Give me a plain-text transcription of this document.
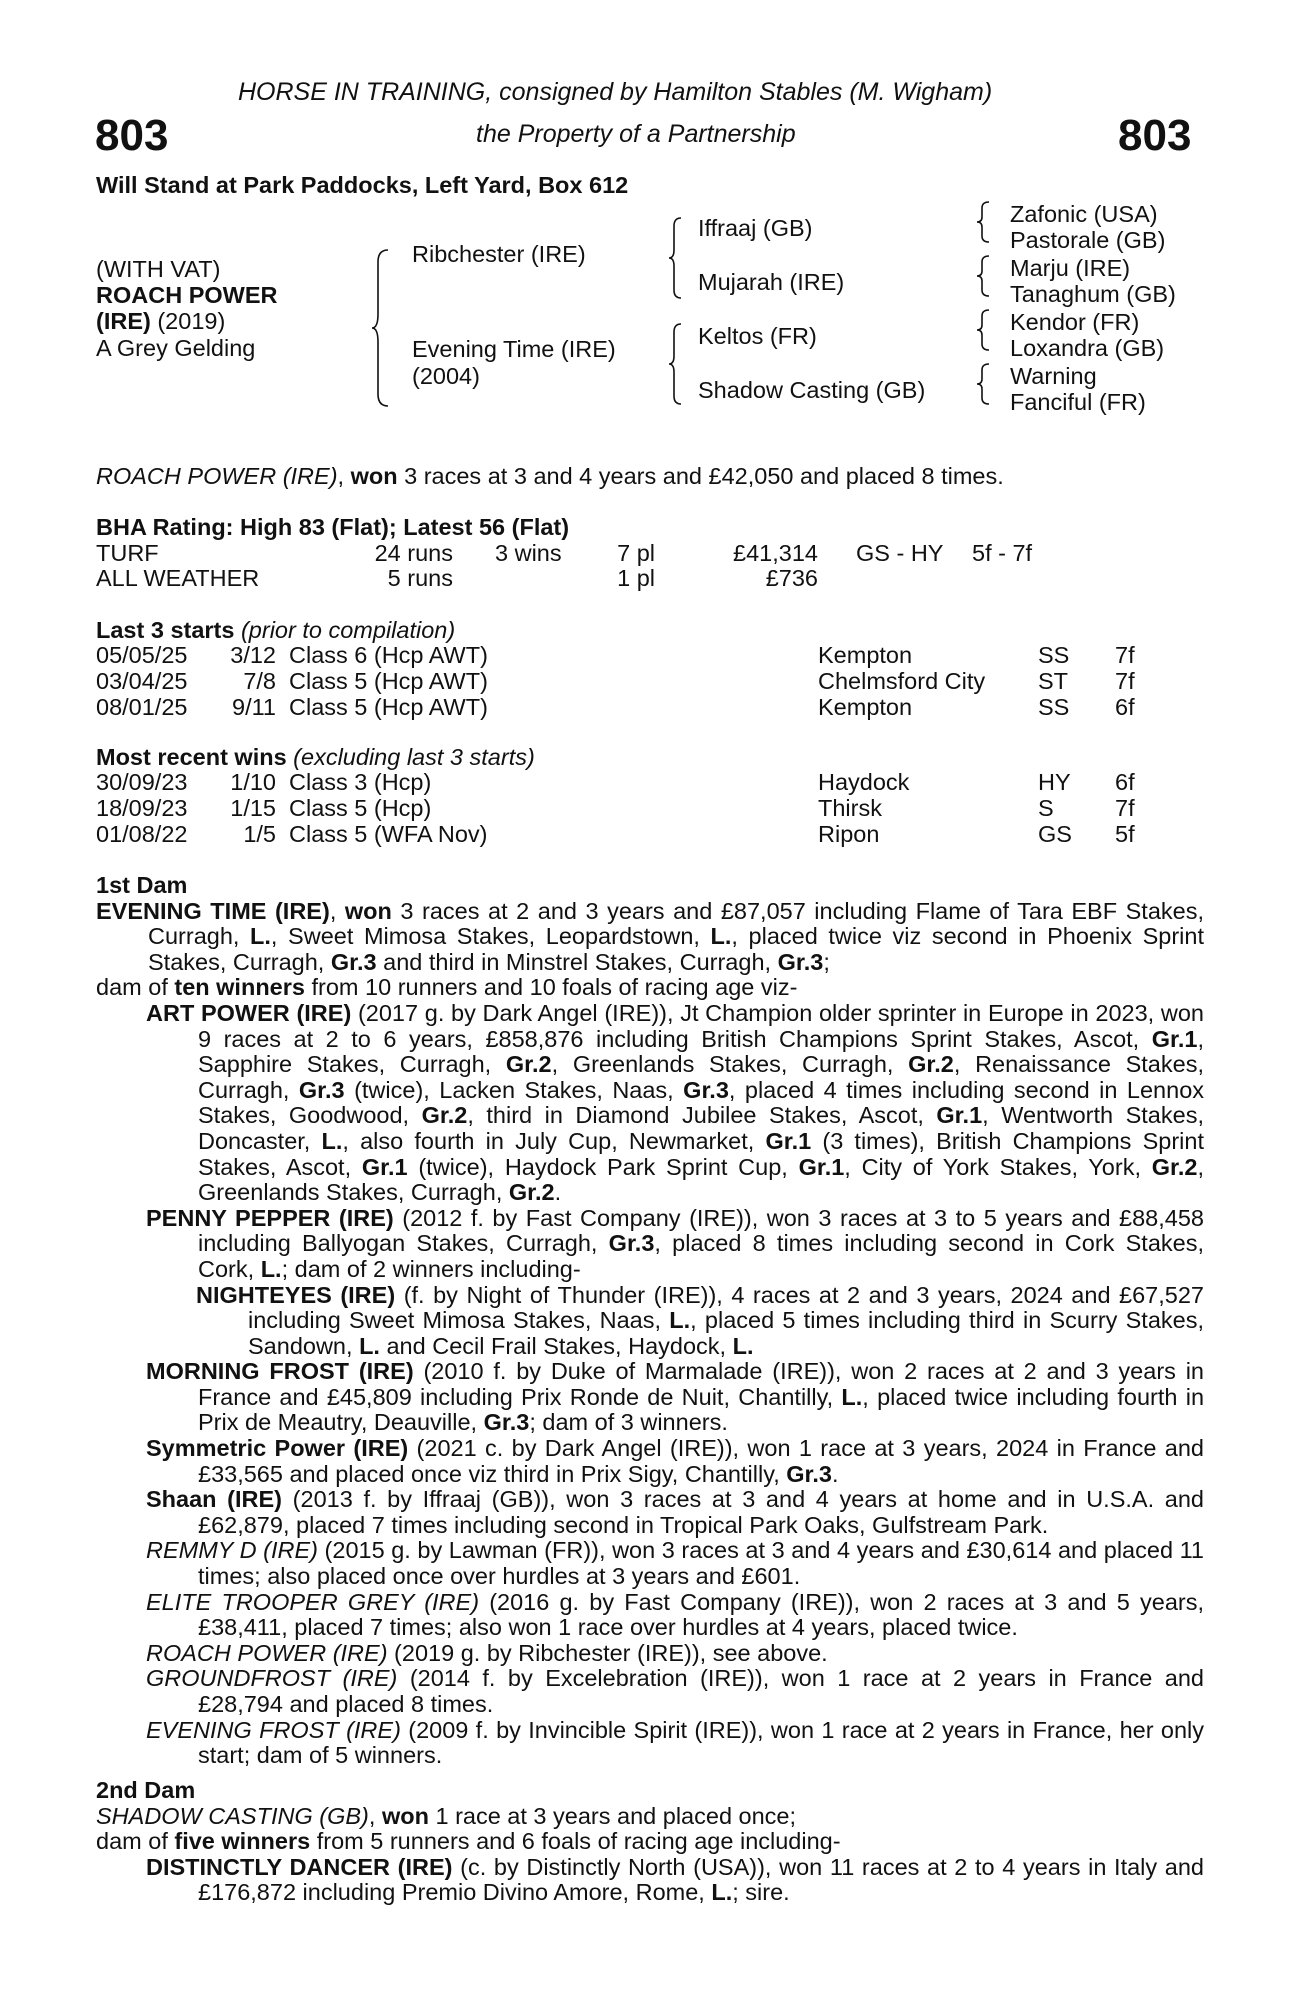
HORSE IN TRAINING, consigned by Hamilton Stables (M. Wigham)
803	the Property of a Partnership	803
Will Stand at Park Paddocks, Left Yard, Box 612
(WITH VAT)
ROACH POWER
(IRE) (2019)
A Grey Gelding
Ribchester (IRE)
Evening Time (IRE)
(2004)
Iffraaj (GB)
Mujarah (IRE)
Keltos (FR)
Shadow Casting (GB)
Zafonic (USA)
Pastorale (GB)
Marju (IRE)
Tanaghum (GB)
Kendor (FR)
Loxandra (GB)
Warning
Fanciful (FR)
ROACH POWER (IRE), won 3 races at 3 and 4 years and £42,050 and placed 8 times.
BHA Rating: High 83 (Flat); Latest 56 (Flat)
TURF	24 runs 3 wins 7 pl	£41,314 GS - HY 5f - 7f
ALL WEATHER	5 runs	1 pl	£736
Last 3 starts (prior to compilation)
05/05/25 3/12 Class 6 (Hcp AWT)	Kempton	SS 7f
03/04/25 7/8 Class 5 (Hcp AWT)	Chelmsford City ST 7f
08/01/25 9/11 Class 5 (Hcp AWT)	Kempton	SS 6f
Most recent wins (excluding last 3 starts)
30/09/23 1/10 Class 3 (Hcp)	Haydock	HY 6f
18/09/23 1/15 Class 5 (Hcp)	Thirsk	S	7f
01/08/22 1/5 Class 5 (WFA Nov)	Ripon	GS 5f

1st Dam

EVENING TIME (IRE), won 3 races at 2 and 3 years and £87,057 including Flame of Tara EBF Stakes, Curragh, L., Sweet Mimosa Stakes, Leopardstown, L., placed twice viz second in Phoenix Sprint Stakes, Curragh, Gr.3 and third in Minstrel Stakes, Curragh, Gr.3;

dam of ten winners from 10 runners and 10 foals of racing age viz-

ART POWER (IRE) (2017 g. by Dark Angel (IRE)), Jt Champion older sprinter in Europe in 2023, won 9 races at 2 to 6 years, £858,876 including British Champions Sprint Stakes, Ascot, Gr.1, Sapphire Stakes, Curragh, Gr.2, Greenlands Stakes, Curragh, Gr.2, Renaissance Stakes, Curragh, Gr.3 (twice), Lacken Stakes, Naas, Gr.3, placed 4 times including second in Lennox Stakes, Goodwood, Gr.2, third in Diamond Jubilee Stakes, Ascot, Gr.1, Wentworth Stakes, Doncaster, L., also fourth in July Cup, Newmarket, Gr.1 (3 times), British Champions Sprint Stakes, Ascot, Gr.1 (twice), Haydock Park Sprint Cup, Gr.1, City of York Stakes, York, Gr.2, Greenlands Stakes, Curragh, Gr.2.

PENNY PEPPER (IRE) (2012 f. by Fast Company (IRE)), won 3 races at 3 to 5 years and £88,458 including Ballyogan Stakes, Curragh, Gr.3, placed 8 times including second in Cork Stakes, Cork, L.; dam of 2 winners including-

NIGHTEYES (IRE) (f. by Night of Thunder (IRE)), 4 races at 2 and 3 years, 2024 and £67,527 including Sweet Mimosa Stakes, Naas, L., placed 5 times including third in Scurry Stakes, Sandown, L. and Cecil Frail Stakes, Haydock, L.

MORNING FROST (IRE) (2010 f. by Duke of Marmalade (IRE)), won 2 races at 2 and 3 years in France and £45,809 including Prix Ronde de Nuit, Chantilly, L., placed twice including fourth in Prix de Meautry, Deauville, Gr.3; dam of 3 winners.

Symmetric Power (IRE) (2021 c. by Dark Angel (IRE)), won 1 race at 3 years, 2024 in France and £33,565 and placed once viz third in Prix Sigy, Chantilly, Gr.3.

Shaan (IRE) (2013 f. by Iffraaj (GB)), won 3 races at 3 and 4 years at home and in U.S.A. and £62,879, placed 7 times including second in Tropical Park Oaks, Gulfstream Park.

REMMY D (IRE) (2015 g. by Lawman (FR)), won 3 races at 3 and 4 years and £30,614 and placed 11 times; also placed once over hurdles at 3 years and £601.

ELITE TROOPER GREY (IRE) (2016 g. by Fast Company (IRE)), won 2 races at 3 and 5 years, £38,411, placed 7 times; also won 1 race over hurdles at 4 years, placed twice.

ROACH POWER (IRE) (2019 g. by Ribchester (IRE)), see above.

GROUNDFROST (IRE) (2014 f. by Excelebration (IRE)), won 1 race at 2 years in France and £28,794 and placed 8 times.

EVENING FROST (IRE) (2009 f. by Invincible Spirit (IRE)), won 1 race at 2 years in France, her only start; dam of 5 winners.

2nd Dam

SHADOW CASTING (GB), won 1 race at 3 years and placed once;

dam of five winners from 5 runners and 6 foals of racing age including-

DISTINCTLY DANCER (IRE) (c. by Distinctly North (USA)), won 11 races at 2 to 4 years in Italy and £176,872 including Premio Divino Amore, Rome, L.; sire.
